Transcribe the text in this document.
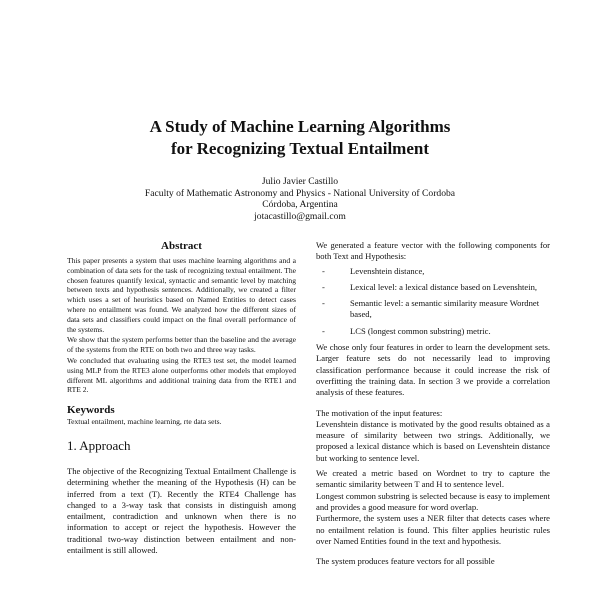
A Study of Machine Learning Algorithms
for Recognizing Textual Entailment
Julio Javier Castillo
Faculty of Mathematic Astronomy and Physics - National University of Cordoba
Córdoba, Argentina
jotacastillo@gmail.com
Abstract

This paper presents a system that uses machine learning algorithms and a combination of data sets for the task of recognizing textual entailment. The chosen features quantify lexical, syntactic and semantic level by matching between texts and hypothesis sentences. Additionally, we created a filter which uses a set of heuristics based on Named Entities to detect cases where no entailment was found. We analyzed how the different sizes of data sets and classifiers could impact on the final overall performance of the systems.

We show that the system performs better than the baseline and the average of the systems from the RTE on both two and three way tasks.

We concluded that evaluating using the RTE3 test set, the model learned using MLP from the RTE3 alone outperforms other models that employed different ML algorithms and additional training data from the RTE1 and RTE 2.

Keywords

Textual entailment, machine learning, rte data sets.

1. Approach

The objective of the Recognizing Textual Entailment Challenge is determining whether the meaning of the Hypothesis (H) can be inferred from a text (T). Recently the RTE4 Challenge has changed to a 3-way task that consists in distinguish among entailment, contradiction and unknown when there is no information to accept or reject the hypothesis. However the traditional two-way distinction between entailment and non-entailment is still allowed.

We generated a feature vector with the following components for both Text and Hypothesis:

-	Levenshtein distance,
-	Lexical level: a lexical distance based on Levenshtein,
-	Semantic level: a semantic similarity measure Wordnet based,
-	LCS (longest common substring) metric.

We chose only four features in order to learn the development sets. Larger feature sets do not necessarily lead to improving classification performance because it could increase the risk of overfitting the training data. In section 3 we provide a correlation analysis of these features.

The motivation of the input features:

Levenshtein distance is motivated by the good results obtained as a measure of similarity between two strings. Additionally, we proposed a lexical distance which is based on Levenshtein distance but working to sentence level.

We created a metric based on Wordnet to try to capture the semantic similarity between T and H to sentence level.

Longest common substring is selected because is easy to implement and provides a good measure for word overlap.

Furthermore, the system uses a NER filter that detects cases where no entailment relation is found. This filter applies heuristic rules over Named Entities found in the text and hypothesis.

The system produces feature vectors for all possible
